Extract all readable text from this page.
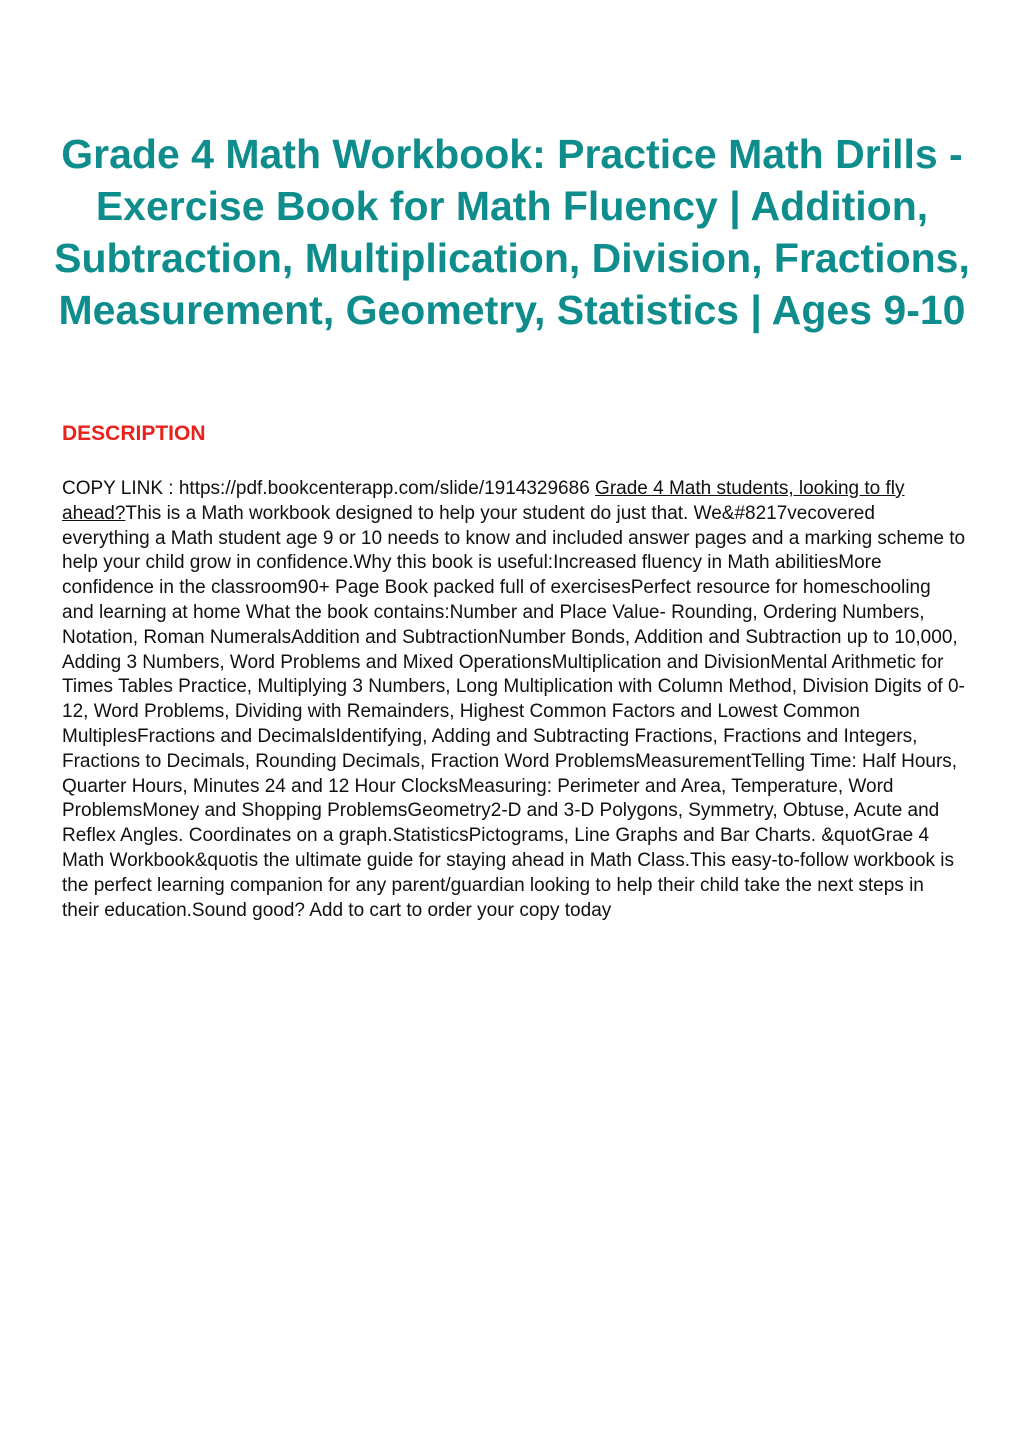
Grade 4 Math Workbook: Practice Math Drills - Exercise Book for Math Fluency | Addition, Subtraction, Multiplication, Division, Fractions, Measurement, Geometry, Statistics | Ages 9-10
DESCRIPTION

COPY LINK : https://pdf.bookcenterapp.com/slide/1914329686 Grade 4 Math students, looking to fly ahead?This is a Math workbook designed to help your student do just that. We&#8217vecovered everything a Math student age 9 or 10 needs to know and included answer pages and a marking scheme to help your child grow in confidence.Why this book is useful:Increased fluency in Math abilitiesMore confidence in the classroom90+ Page Book packed full of exercisesPerfect resource for homeschooling and learning at home What the book contains:Number and Place Value- Rounding, Ordering Numbers, Notation, Roman NumeralsAddition and SubtractionNumber Bonds, Addition and Subtraction up to 10,000, Adding 3 Numbers, Word Problems and Mixed OperationsMultiplication and DivisionMental Arithmetic for Times Tables Practice, Multiplying 3 Numbers, Long Multiplication with Column Method, Division Digits of 0-12, Word Problems, Dividing with Remainders, Highest Common Factors and Lowest Common MultiplesFractions and DecimalsIdentifying, Adding and Subtracting Fractions, Fractions and Integers, Fractions to Decimals, Rounding Decimals, Fraction Word ProblemsMeasurementTelling Time: Half Hours, Quarter Hours, Minutes 24 and 12 Hour ClocksMeasuring: Perimeter and Area, Temperature, Word ProblemsMoney and Shopping ProblemsGeometry2-D and 3-D Polygons, Symmetry, Obtuse, Acute and Reflex Angles. Coordinates on a graph.StatisticsPictograms, Line Graphs and Bar Charts. &quotGrae 4 Math Workbook&quotis the ultimate guide for staying ahead in Math Class.This easy-to-follow workbook is the perfect learning companion for any parent/guardian looking to help their child take the next steps in their education.Sound good? Add to cart to order your copy today
